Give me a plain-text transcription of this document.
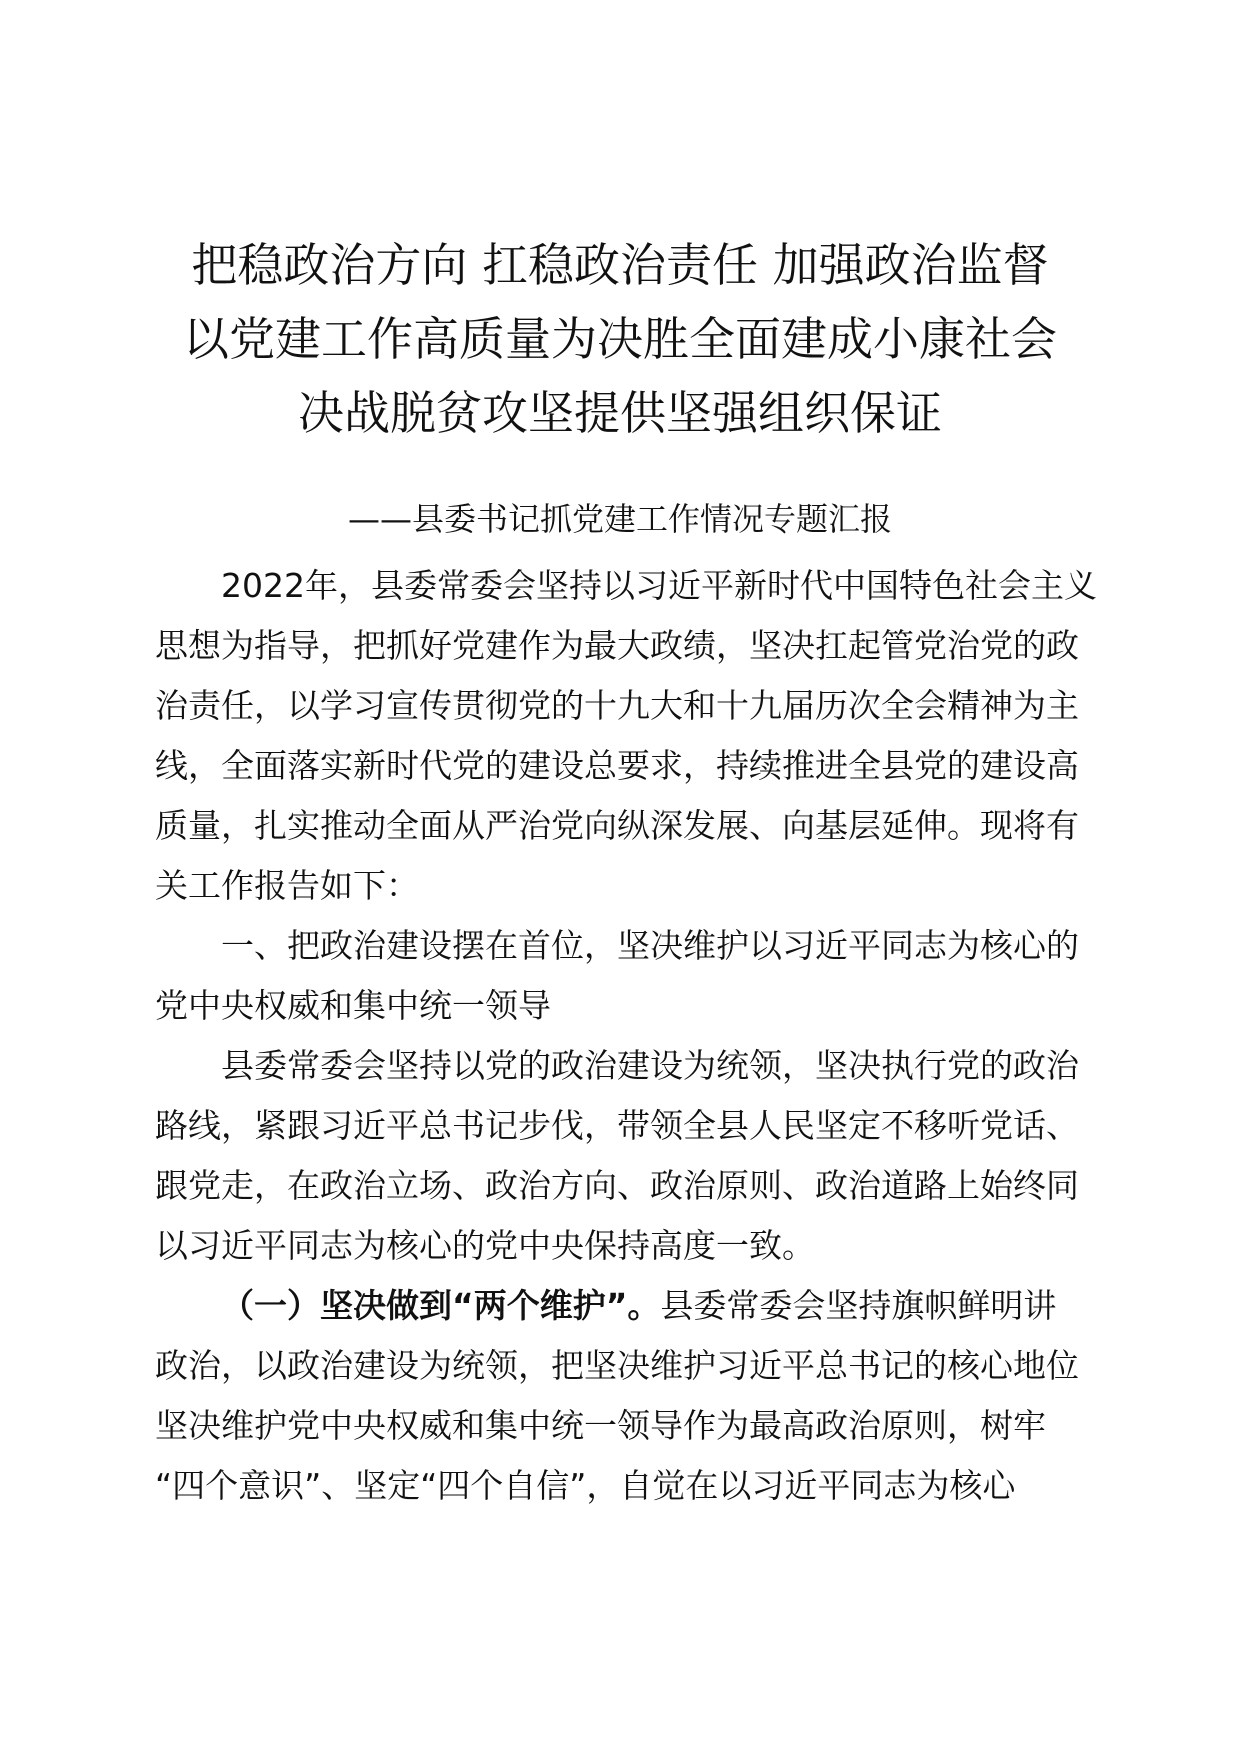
把稳政治方向 扛稳政治责任 加强政治监督
以党建工作高质量为决胜全面建成小康社会
决战脱贫攻坚提供坚强组织保证
——县委书记抓党建工作情况专题汇报
2022年，县委常委会坚持以习近平新时代中国特色社会主义
思想为指导，把抓好党建作为最大政绩，坚决扛起管党治党的政
治责任，以学习宣传贯彻党的十九大和十九届历次全会精神为主
线，全面落实新时代党的建设总要求，持续推进全县党的建设高
质量，扎实推动全面从严治党向纵深发展、向基层延伸。现将有
关工作报告如下：
一、把政治建设摆在首位，坚决维护以习近平同志为核心的
党中央权威和集中统一领导
县委常委会坚持以党的政治建设为统领，坚决执行党的政治
路线，紧跟习近平总书记步伐，带领全县人民坚定不移听党话、
跟党走，在政治立场、政治方向、政治原则、政治道路上始终同
以习近平同志为核心的党中央保持高度一致。
（一）坚决做到“两个维护”。县委常委会坚持旗帜鲜明讲
政治，以政治建设为统领，把坚决维护习近平总书记的核心地位
坚决维护党中央权威和集中统一领导作为最高政治原则，树牢
“四个意识”、坚定“四个自信”，自觉在以习近平同志为核心
